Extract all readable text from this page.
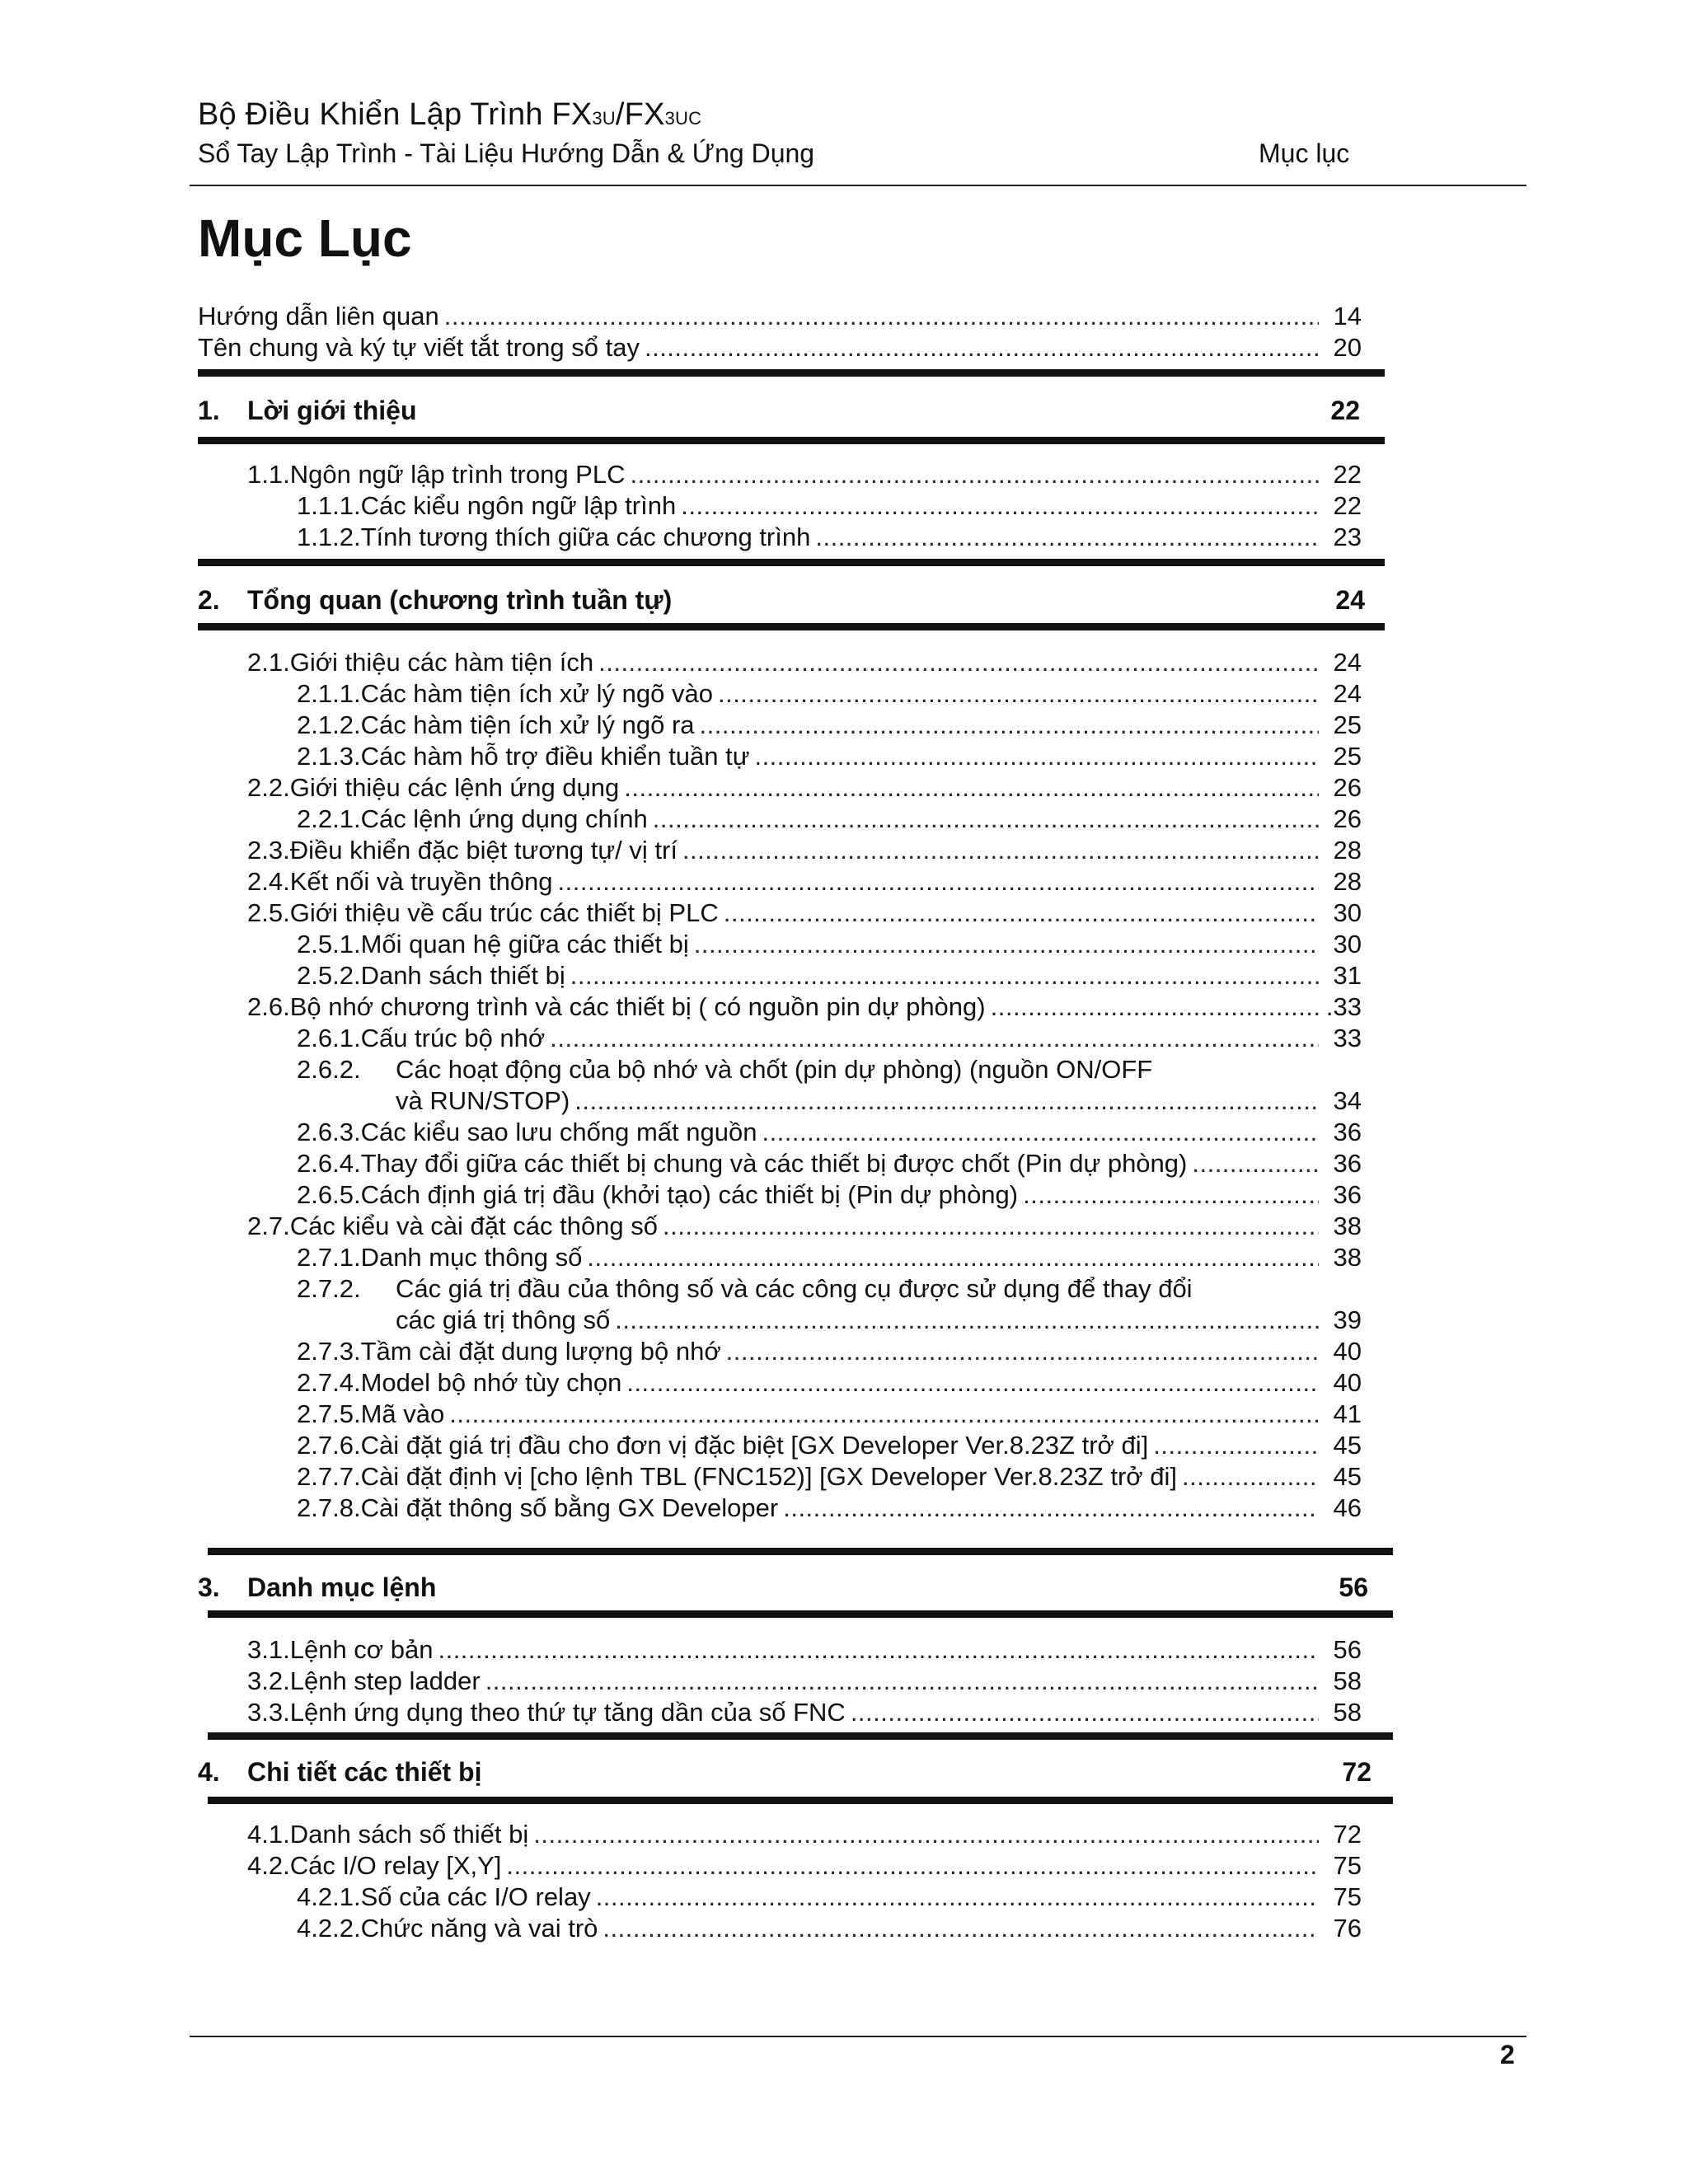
Bộ Điều Khiển Lập Trình FX3U/FX3UC
Sổ Tay Lập Trình - Tài Liệu Hướng Dẫn & Ứng Dụng	Mục lục
Mục Lục
Hướng dẫn liên quan .....	14
Tên chung và ký tự viết tắt trong sổ tay .....	20
1.	Lời giới thiệu	22
1.1. Ngôn ngữ lập trình trong PLC .....	22
1.1.1. Các kiểu ngôn ngữ lập trình .....	22
1.1.2. Tính tương thích giữa các chương trình .....	23
2.	Tổng quan (chương trình tuần tự)	24
2.1. Giới thiệu các hàm tiện ích .....	24
2.1.1. Các hàm tiện ích xử lý ngõ vào .....	24
2.1.2. Các hàm tiện ích xử lý ngõ ra .....	25
2.1.3. Các hàm hỗ trợ điều khiển tuần tự .....	25
2.2. Giới thiệu các lệnh ứng dụng .....	26
2.2.1. Các lệnh ứng dụng chính .....	26
2.3. Điều khiển đặc biệt tương tự/ vị trí .....	28
2.4. Kết nối và truyền thông .....	28
2.5. Giới thiệu về cấu trúc các thiết bị PLC .....	30
2.5.1. Mối quan hệ giữa các thiết bị .....	30
2.5.2. Danh sách thiết bị .....	31
2.6. Bộ nhớ chương trình và các thiết bị ( có nguồn pin dự phòng) .....	.33
2.6.1. Cấu trúc bộ nhớ .....	33
2.6.2.	Các hoạt động của bộ nhớ và chốt (pin dự phòng) (nguồn ON/OFF
và RUN/STOP) .....	34
2.6.3. Các kiểu sao lưu chống mất nguồn .....	36
2.6.4. Thay đổi giữa các thiết bị chung và các thiết bị được chốt (Pin dự phòng) .....	36
2.6.5. Cách định giá trị đầu (khởi tạo) các thiết bị (Pin dự phòng) .....	36
2.7. Các kiểu và cài đặt các thông số .....	38
2.7.1. Danh mục thông số .....	38
2.7.2.	Các giá trị đầu của thông số và các công cụ được sử dụng để thay đổi
các giá trị thông số .....	39
2.7.3. Tầm cài đặt dung lượng bộ nhớ .....	40
2.7.4. Model bộ nhớ tùy chọn .....	40
2.7.5. Mã vào .....	41
2.7.6. Cài đặt giá trị đầu cho đơn vị đặc biệt [GX Developer Ver.8.23Z trở đi] .....	45
2.7.7. Cài đặt định vị [cho lệnh TBL (FNC152)] [GX Developer Ver.8.23Z trở đi] .....	45
2.7.8. Cài đặt thông số bằng GX Developer .....	46
3.	Danh mục lệnh	56
3.1. Lệnh cơ bản .....	56
3.2. Lệnh step ladder .....	58
3.3. Lệnh ứng dụng theo thứ tự tăng dần của số FNC .....	58
4.	Chi tiết các thiết bị	72
4.1. Danh sách số thiết bị .....	72
4.2. Các I/O relay [X,Y] .....	75
4.2.1. Số của các I/O relay .....	75
4.2.2. Chức năng và vai trò .....	76
2
